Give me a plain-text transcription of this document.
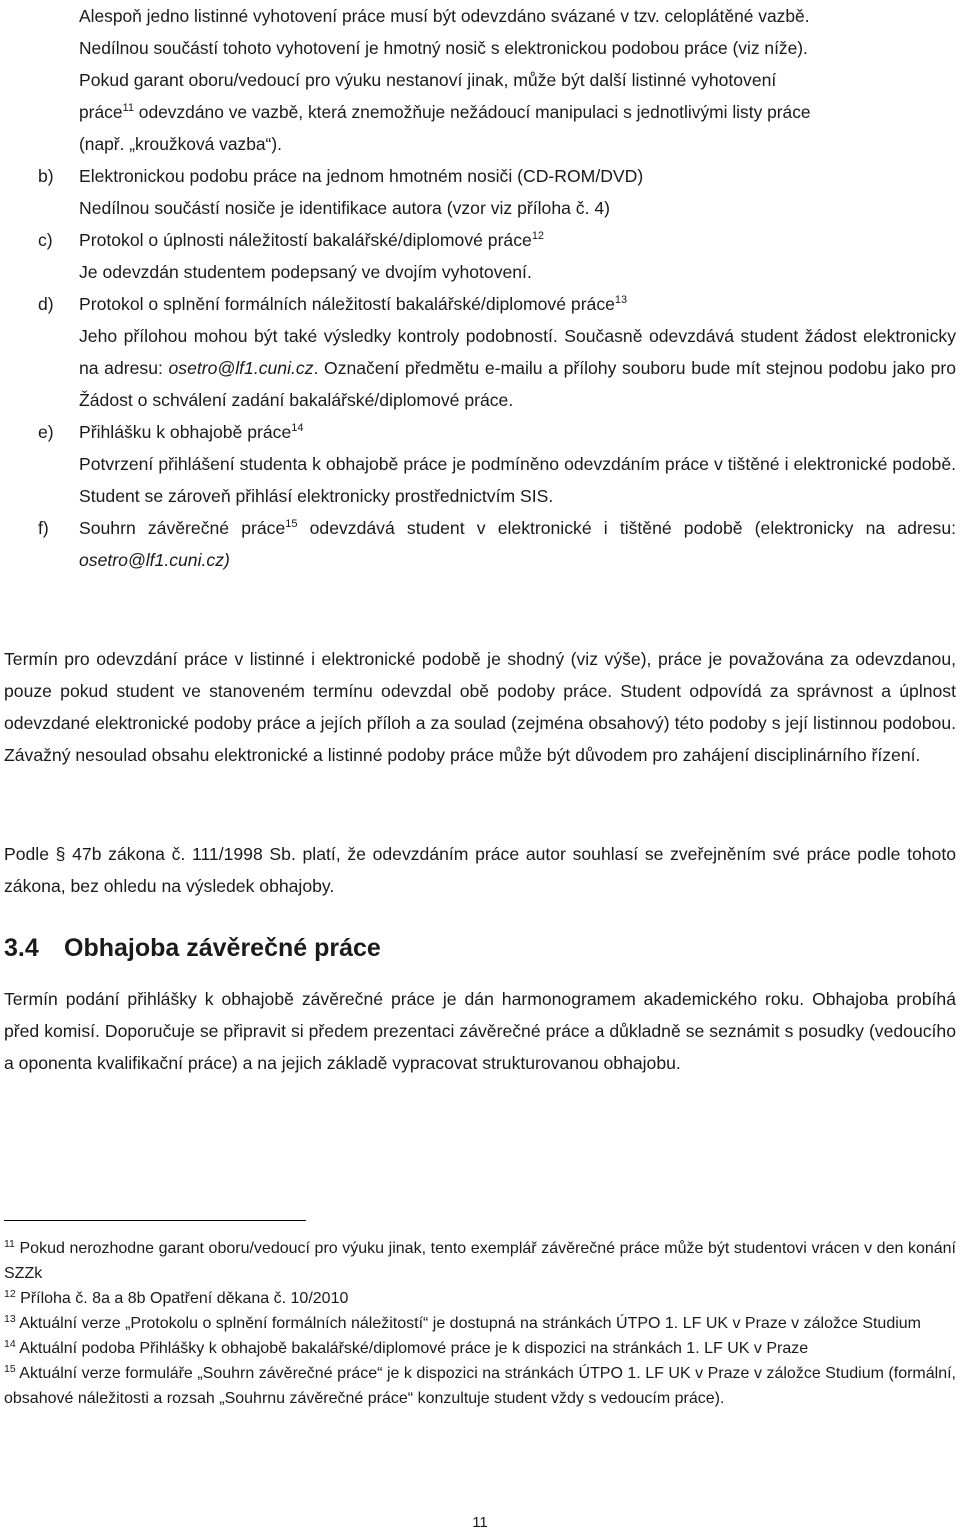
Alespoň jedno listinné vyhotovení práce musí být odevzdáno svázané v tzv. celoplátěné vazbě.

Nedílnou součástí tohoto vyhotovení je hmotný nosič s elektronickou podobou práce (viz níže).

Pokud garant oboru/vedoucí pro výuku nestanoví jinak, může být další listinné vyhotovení

práce$^{11}$ odevzdáno ve vazbě, která znemožňuje nežádoucí manipulaci s jednotlivými listy práce

(např. „kroužková vazba“).

b) Elektronickou podobu práce na jednom hmotném nosiči (CD-ROM/DVD)

Nedílnou součástí nosiče je identifikace autora (vzor viz příloha č. 4)

c) Protokol o úplnosti náležitostí bakalářské/diplomové práce$^{12}$

Je odevzdán studentem podepsaný ve dvojím vyhotovení.

d) Protokol o splnění formálních náležitostí bakalářské/diplomové práce$^{13}$

Jeho přílohou mohou být také výsledky kontroly podobností. Současně odevzdává student žádost elektronicky na adresu: osetro@lf1.cuni.cz. Označení předmětu e-mailu a přílohy souboru bude mít stejnou podobu jako pro Žádost o schválení zadání bakalářské/diplomové práce.

e) Přihlášku k obhajobě práce$^{14}$

Potvrzení přihlášení studenta k obhajobě práce je podmíněno odevzdáním práce v tištěné i elektronické podobě. Student se zároveň přihlásí elektronicky prostřednictvím SIS.

f) Souhrn závěrečné práce$^{15}$ odevzdává student v elektronické i tištěné podobě (elektronicky na adresu: osetro@lf1.cuni.cz)

Termín pro odevzdání práce v listinné i elektronické podobě je shodný (viz výše), práce je považována za odevzdanou, pouze pokud student ve stanoveném termínu odevzdal obě podoby práce. Student odpovídá za správnost a úplnost odevzdané elektronické podoby práce a jejích příloh a za soulad (zejména obsahový) této podoby s její listinnou podobou. Závažný nesoulad obsahu elektronické a listinné podoby práce může být důvodem pro zahájení disciplinárního řízení.

Podle § 47b zákona č. 111/1998 Sb. platí, že odevzdáním práce autor souhlasí se zveřejněním své práce podle tohoto zákona, bez ohledu na výsledek obhajoby.

3.4 Obhajoba závěrečné práce

Termín podání přihlášky k obhajobě závěrečné práce je dán harmonogramem akademického roku. Obhajoba probíhá před komisí. Doporučuje se připravit si předem prezentaci závěrečné práce a důkladně se seznámit s posudky (vedoucího a oponenta kvalifikační práce) a na jejich základě vypracovat strukturovanou obhajobu.

$^{11}$ Pokud nerozhodne garant oboru/vedoucí pro výuku jinak, tento exemplář závěrečné práce může být studentovi vrácen v den konání SZZk

$^{12}$ Příloha č. 8a a 8b Opatření děkana č. 10/2010

$^{13}$ Aktuální verze „Protokolu o splnění formálních náležitostí“ je dostupná na stránkách ÚTPO 1. LF UK v Praze v záložce Studium

$^{14}$ Aktuální podoba Přihlášky k obhajobě bakalářské/diplomové práce je k dispozici na stránkách 1. LF UK v Praze

$^{15}$ Aktuální verze formuláře „Souhrn závěrečné práce“ je k dispozici na stránkách ÚTPO 1. LF UK v Praze v záložce Studium (formální, obsahové náležitosti a rozsah „Souhrnu závěrečné práce“ konzultuje student vždy s vedoucím práce).

11
